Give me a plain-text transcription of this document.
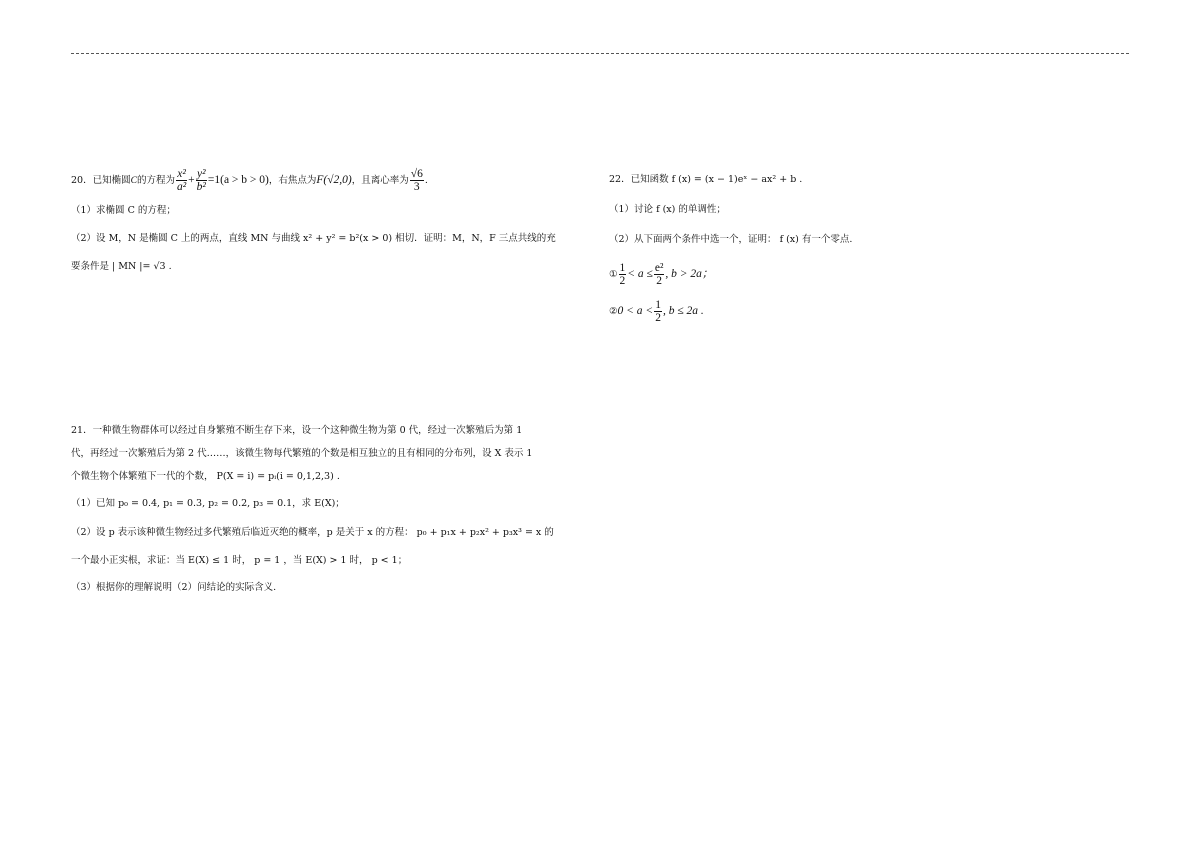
20．已知椭圆C的方程为 $\frac{\text{x²}}{\text{a²}} + \frac{\text{y²}}{\text{b²}} =1(a > b > 0)$，右焦点为F(√2,0)，且离心率为 $\frac{√6}{3}$ .

（1）求椭圆 C 的方程；

（2）设 M，N 是椭圆 C 上的两点，直线 MN 与曲线 x² + y² = b²(x > 0) 相切．证明：M，N，F 三点共线的充

要条件是 | MN |= √3 .

21．一种微生物群体可以经过自身繁殖不断生存下来，设一个这种微生物为第 0 代，经过一次繁殖后为第 1

代，再经过一次繁殖后为第 2 代……，该微生物每代繁殖的个数是相互独立的且有相同的分布列，设 X 表示 1

个微生物个体繁殖下一代的个数， P(X = i) = pᵢ(i = 0,1,2,3) .

（1）已知 p₀ = 0.4, p₁ = 0.3, p₂ = 0.2, p₃ = 0.1，求 E(X)；

（2）设 p 表示该种微生物经过多代繁殖后临近灭绝的概率，p 是关于 x 的方程： p₀ + p₁x + p₂x² + p₃x³ = x 的

一个最小正实根，求证：当 E(X) ≤ 1 时， p = 1 ，当 E(X) > 1 时， p < 1；

（3）根据你的理解说明（2）问结论的实际含义.

22．已知函数 f (x) = (x − 1)eˣ − ax² + b .

（1）讨论 f (x) 的单调性；

（2）从下面两个条件中选一个，证明： f (x) 有一个零点.

① $\frac{1}{2} < a \le \frac{\text{e²}}{2}$ , b > 2a；
②0 < $a < \frac{1}{2}$ , b ≤ 2a .
